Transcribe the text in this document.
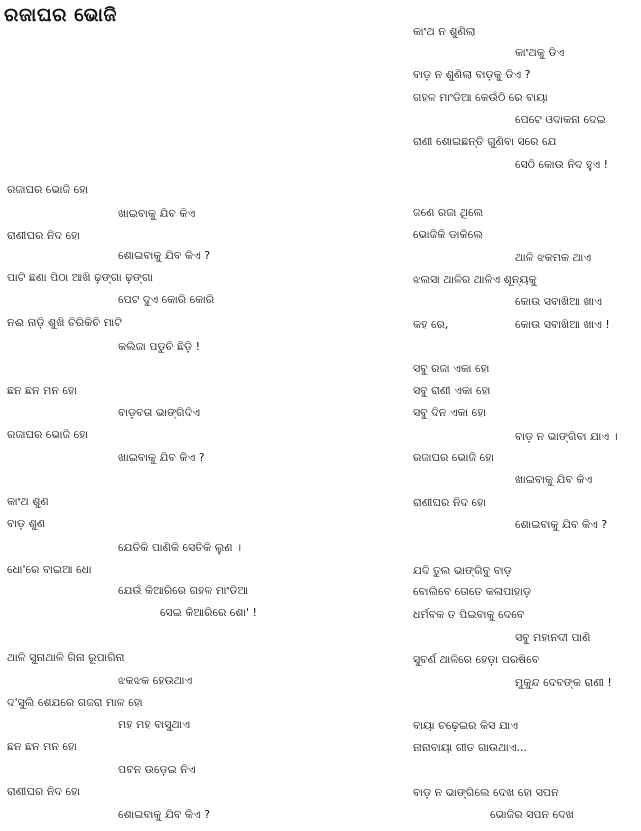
ରଜାଘର ଭୋଜି
ରଜାଘର ଭୋଜି ହୋ
ଖାଇବାକୁ ଯିବ କିଏ
ରାଣୀଘର ନିଦ ହୋ
ଶୋଇବାକୁ ଯିବ କିଏ ?
ପାଟି ଛଣା ପିଠା ଆଖି ଢ଼ଙ୍ଗା ଢ଼ଙ୍ଗା
ପେଟ ଦୁଏ କୋରି କୋରି
ନଈ ନାଡ଼ି ଶୁଖି ଚିରିକିଚି ମାଟି
କଲିଜା ପଡୁଚି ଛିଡ଼ି !
ଛନ ଛନ ମନ ହୋ
ବାଡ଼ବତା ଭାଙ୍ଗିଦିଏ
ରଜାଘର ଭୋଜି ହୋ
ଖାଇବାକୁ ଯିବ କିଏ ?
କାଂଥ ଶୁଣ
ବାଡ଼ ଶୁଣ
ଯେତିକି ପାଣିକି ସେତିକି ଲୁଣ ।
ଧୋ'ରେ ବାଇଆ ଧୋ
ଯେଉଁ କିଆରିରେ ଗହଳ ମାଂଡିଆ
ସେଇ କିଆରିରେ ଶୋ' !
ଥାଳି ସୁନାଥାଳି ଗିନା ରୂପାଗିନା
ଝକଝକ ହେଉଥାଏ
ଦ'ସୁଲି ଶେଯରେ ଗଜରା ମାଳ ହୋ
ମହ ମହ ବାସୁଥାଏ
ଛନ ଛନ ମନ ହୋ
ପବନ ଉଡ଼େଇ ନିଏ
ରାଣୀଘର ନିଦ ହୋ
ଶୋଇବାକୁ ଯିବ କିଏ ?
କାଂଥ ନ ଶୁଣିଲା
କାଂଥକୁ ଡିଏ
ବାଡ଼ ନ ଶୁଣିଲା ବାଡ଼କୁ ଡିଏ ?
ଗହଳ ମାଂଡିଆ କେଉଁଠି ରେ ବାୟା
ପେଟେ ଓଦାକନା ଦେଇ
ରାଣୀ ଶୋଇଛନ୍ତି ଗୁଣିବା ସରେ ଯେ
ସେଠି କୋଉ ନିଦ ହୁଏ !
ଜଣେ ରଜା ଥିଲେ
ଭୋଜିକି ଡାକିଲେ
ଥାଳି ଝକମକ ଥାଏ
ଝଲସା ଥାଳିର ଥାଳିଏ ଶୂନ୍ୟକୁ
କୋଉ ସବାଖିଆ ଖାଏ
କହ ରେ,	କୋଉ ସବାଖିଆ ଖାଏ !
ସବୁ ରଜା ଏକା ହୋ
ସବୁ ରାଣୀ ଏକା ହୋ
ସବୁ ଦିନ ଏକା ହୋ
ବାଡ଼ ନ ଭାଙ୍ଗିବା ଯାଏ ।
ରଜାଘର ଭୋଜି ହୋ
ଖାଇବାକୁ ଯିବ କିଏ
ରାଣୀଘର ନିଦ ହୋ
ଶୋଇବାକୁ ଯିବ କିଏ ?
ଯଦି ତୁଲ ଭାଙ୍ଗିବୁ ବାଡ଼
ବୋଲିବେ ତୋତେ କଳାପାହାଡ଼
ଧର୍ମବକ ତ ପିଇବାକୁ ଦେବେ
ସବୁ ମହାନଦୀ ପାଣି
ସୁବର୍ଣ ଥାଳିରେ ହେଡ଼ା ପରଷିବେ
ମୁକୁନ୍ଦ ଦେବଙ୍କ ରାଣୀ !
ବାୟା ଚଢ଼େଇର କିସ ଯାଏ
ନାନାବାୟା ଗୀତ ଗାଉଥାଏ...
ବାଡ଼ ନ ଭାଙ୍ଗିଲେ ଦେଖ ହୋ ସପନ
ଭୋଜିର ସପନ ଦେଖ
